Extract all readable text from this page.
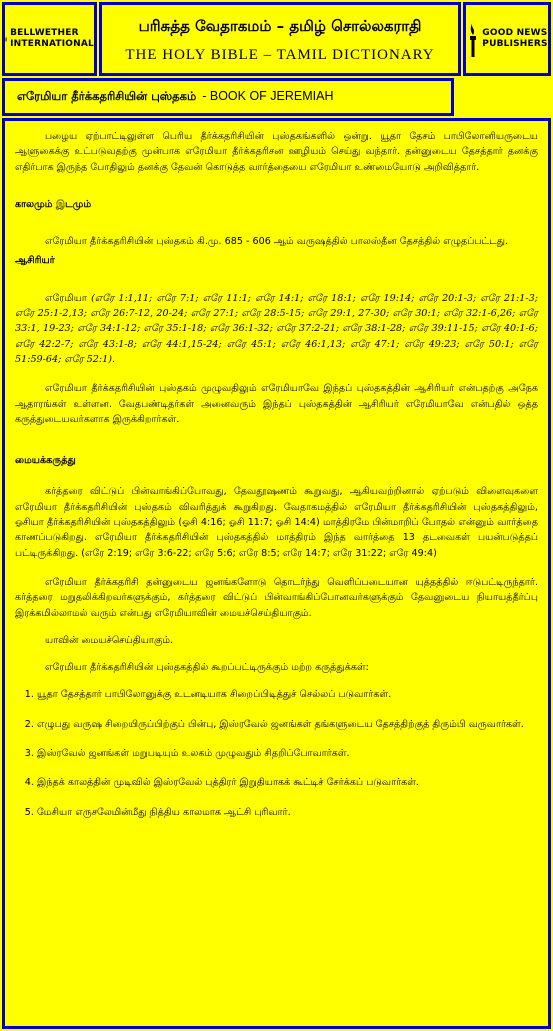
BELLWETHER
INTERNATIONAL
பரிசுத்த வேதாகமம் – தமிழ் சொல்லகராதி
THE HOLY BIBLE – TAMIL DICTIONARY
GOOD NEWS
PUBLISHERS
எரேமியா தீர்க்கதரிசியின் புஸ்தகம் - BOOK OF JEREMIAH

பழைய ஏற்பாட்டிலுள்ள பெரிய தீர்க்கதரிசியின் புஸ்தகங்களில் ஒன்று. யூதா தேசம் பாபிலோனியருடைய ஆளுகைக்கு உட்படுவதற்கு முன்பாக எரேமியா தீர்க்கதரிசன ஊழியம் செய்து வந்தார். தன்னுடைய தேசத்தார் தனக்கு எதிர்பாக இருந்த போதிலும் தனக்கு தேவன் கொடுத்த வார்த்தையை எரேமியா உண்மையோடு அறிவித்தார்.

காலமும் இடமும்

எரேமியா தீர்க்கதரிசியின் புஸ்தகம் கி.மு. 685 - 606 ஆம் வருஷத்தில் பாலஸ்தீன தேசத்தில் எழுதப்பட்டது.

ஆசிரியர்

எரேமியா (எரே 1:1,11; எரே 7:1; எரே 11:1; எரே 14:1; எரே 18:1; எரே 19:14; எரே 20:1-3; எரே 21:1-3; எரே 25:1-2,13; எரே 26:7-12, 20-24; எரே 27:1; எரே 28:5-15; எரே 29:1, 27-30; எரே 30:1; எரே 32:1-6,26; எரே 33:1, 19-23; எரே 34:1-12; எரே 35:1-18; எரே 36:1-32; எரே 37:2-21; எரே 38:1-28; எரே 39:11-15; எரே 40:1-6; எரே 42:2-7; எரே 43:1-8; எரே 44:1,15-24; எரே 45:1; எரே 46:1,13; எரே 47:1; எரே 49:23; எரே 50:1; எரே 51:59-64; எரே 52:1).

எரேமியா தீர்க்கதரிசியின் புஸ்தகம் முழுவதிலும் எரேமியாவே இந்தப் புஸ்தகத்தின் ஆசிரியர் என்பதற்கு அநேக ஆதாரங்கள் உள்ளன. வேதபண்டிதர்கள் அனைவரும் இந்தப் புஸ்தகத்தின் ஆசிரியர் எரேமியாவே என்பதில் ஒத்த கருத்துடையவர்களாக இருக்கிறார்கள்.

மையக்கருத்து

கர்த்தரை விட்டுப் பின்வாங்கிப்போவது, தேவதூஷணம் கூறுவது, ஆகியவற்றினால் ஏற்படும் விளைவுகளை எரேமியா தீர்க்கதரிசியின் புஸ்தகம் விவரித்துக் கூறுகிறது. வேதாகமத்தில் எரேமியா தீர்க்கதரிசியின் புஸ்தகத்திலும், ஓசியா தீர்க்கதரிசியின் புஸ்தகத்திலும் (ஓசி 4:16; ஓசி 11:7; ஓசி 14:4) மாத்திரமே பின்மாறிப் போதல் என்னும் வார்த்தை காணப்படுகிறது. எரேமியா தீர்க்கதரிசியின் புஸ்தகத்தில் மாத்திரம் இந்த வார்த்தை 13 தடவைகள் பயன்படுத்தப் பட்டிருக்கிறது. (எரே 2:19; எரே 3:6-22; எரே 5:6; எரே 8:5; எரே 14:7; எரே 31:22; எரே 49:4)

எரேமியா தீர்க்கதரிசி தன்னுடைய ஜனங்களோடு தொடர்ந்து வெளிப்படையான யுத்தத்தில் ஈடுபட்டிருந்தார். கர்த்தரை மறுதலிக்கிறவர்களுக்கும், கர்த்தரை விட்டுப் பின்வாங்கிப்போனவர்களுக்கும் தேவனுடைய நியாயத்தீர்ப்பு இரக்கமில்லாமல் வரும் என்பது எரேமியாவின் மையச்செய்தியாகும்.

யாவின் மையச்செய்தியாகும்.

எரேமியா தீர்க்கதரிசியின் புஸ்தகத்தில் கூறப்பட்டிருக்கும் மற்ற கருத்துக்கள்:

1. யூதா தேசத்தார் பாபிலோனுக்கு உடனடியாக சிறைப்பிடித்துச் செல்லப் படுவார்கள்.
2. எழுபது வருஷ சிறையிருப்பிற்குப் பின்பு, இஸ்ரவேல் ஜனங்கள் தங்களுடைய தேசத்திற்குத் திரும்பி வருவார்கள்.
3. இஸ்ரவேல் ஜனங்கள் மறுபடியும் உலகம் முழுவதும் சிதறிப்போவார்கள்.
4. இந்தக் காலத்தின் முடிவில் இஸ்ரவேல் புத்திரர் இறுதியாகக் கூட்டிச் சேர்க்கப் படுவார்கள்.
5. மேசியா எருசலேமின்மீது நித்திய காலமாக ஆட்சி புரிவார்.
